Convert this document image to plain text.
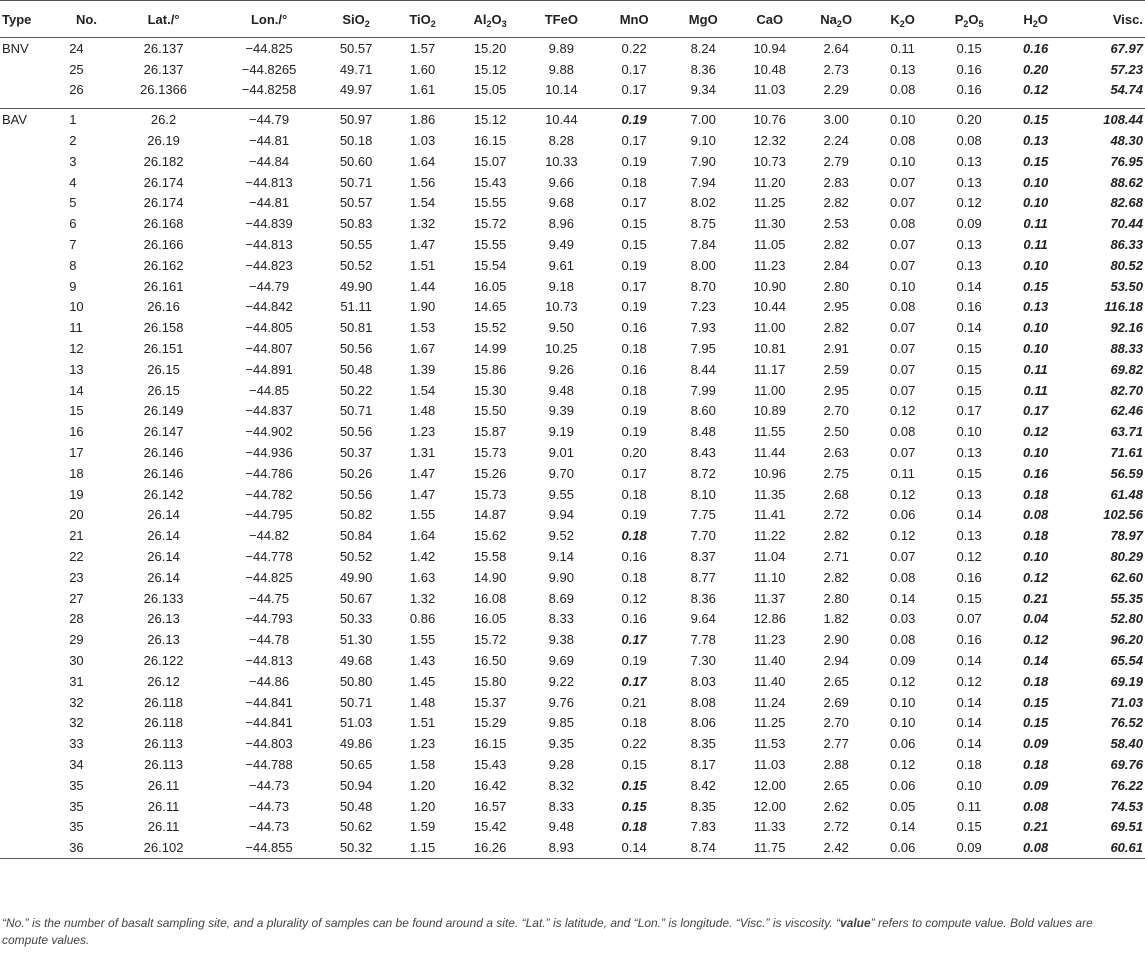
Type	No.	Lat./°	Lon./°	SiO$_2$	TiO$_2$	$Al_2O_3$	TFeO	MnO	MgO	CaO	$Na_2O$	$K_2O$	$P_2O_5$	$H_2O$	Visc.
BNV	24	26.137	−44.825	50.57	1.57	15.20	9.89	0.22	8.24	10.94	2.64	0.11	0.15	0.16	67.97
	25	26.137	−44.8265	49.71	1.60	15.12	9.88	0.17	8.36	10.48	2.73	0.13	0.16	0.20	57.23
	26	26.1366	−44.8258	49.97	1.61	15.05	10.14	0.17	9.34	11.03	2.29	0.08	0.16	0.12	54.74

BAV	1	26.2	−44.79	50.97	1.86	15.12	10.44	0.19	7.00	10.76	3.00	0.10	0.20	0.15	108.44
	2	26.19	−44.81	50.18	1.03	16.15	8.28	0.17	9.10	12.32	2.24	0.08	0.08	0.13	48.30
	3	26.182	−44.84	50.60	1.64	15.07	10.33	0.19	7.90	10.73	2.79	0.10	0.13	0.15	76.95
	4	26.174	−44.813	50.71	1.56	15.43	9.66	0.18	7.94	11.20	2.83	0.07	0.13	0.10	88.62
	5	26.174	−44.81	50.57	1.54	15.55	9.68	0.17	8.02	11.25	2.82	0.07	0.12	0.10	82.68
	6	26.168	−44.839	50.83	1.32	15.72	8.96	0.15	8.75	11.30	2.53	0.08	0.09	0.11	70.44
	7	26.166	−44.813	50.55	1.47	15.55	9.49	0.15	7.84	11.05	2.82	0.07	0.13	0.11	86.33
	8	26.162	−44.823	50.52	1.51	15.54	9.61	0.19	8.00	11.23	2.84	0.07	0.13	0.10	80.52
	9	26.161	−44.79	49.90	1.44	16.05	9.18	0.17	8.70	10.90	2.80	0.10	0.14	0.15	53.50
	10	26.16	−44.842	51.11	1.90	14.65	10.73	0.19	7.23	10.44	2.95	0.08	0.16	0.13	116.18
	11	26.158	−44.805	50.81	1.53	15.52	9.50	0.16	7.93	11.00	2.82	0.07	0.14	0.10	92.16
	12	26.151	−44.807	50.56	1.67	14.99	10.25	0.18	7.95	10.81	2.91	0.07	0.15	0.10	88.33
	13	26.15	−44.891	50.48	1.39	15.86	9.26	0.16	8.44	11.17	2.59	0.07	0.15	0.11	69.82
	14	26.15	−44.85	50.22	1.54	15.30	9.48	0.18	7.99	11.00	2.95	0.07	0.15	0.11	82.70
	15	26.149	−44.837	50.71	1.48	15.50	9.39	0.19	8.60	10.89	2.70	0.12	0.17	0.17	62.46
	16	26.147	−44.902	50.56	1.23	15.87	9.19	0.19	8.48	11.55	2.50	0.08	0.10	0.12	63.71
	17	26.146	−44.936	50.37	1.31	15.73	9.01	0.20	8.43	11.44	2.63	0.07	0.13	0.10	71.61
	18	26.146	−44.786	50.26	1.47	15.26	9.70	0.17	8.72	10.96	2.75	0.11	0.15	0.16	56.59
	19	26.142	−44.782	50.56	1.47	15.73	9.55	0.18	8.10	11.35	2.68	0.12	0.13	0.18	61.48
	20	26.14	−44.795	50.82	1.55	14.87	9.94	0.19	7.75	11.41	2.72	0.06	0.14	0.08	102.56
	21	26.14	−44.82	50.84	1.64	15.62	9.52	0.18	7.70	11.22	2.82	0.12	0.13	0.18	78.97
	22	26.14	−44.778	50.52	1.42	15.58	9.14	0.16	8.37	11.04	2.71	0.07	0.12	0.10	80.29
	23	26.14	−44.825	49.90	1.63	14.90	9.90	0.18	8.77	11.10	2.82	0.08	0.16	0.12	62.60
	27	26.133	−44.75	50.67	1.32	16.08	8.69	0.12	8.36	11.37	2.80	0.14	0.15	0.21	55.35
	28	26.13	−44.793	50.33	0.86	16.05	8.33	0.16	9.64	12.86	1.82	0.03	0.07	0.04	52.80
	29	26.13	−44.78	51.30	1.55	15.72	9.38	0.17	7.78	11.23	2.90	0.08	0.16	0.12	96.20
	30	26.122	−44.813	49.68	1.43	16.50	9.69	0.19	7.30	11.40	2.94	0.09	0.14	0.14	65.54
	31	26.12	−44.86	50.80	1.45	15.80	9.22	0.17	8.03	11.40	2.65	0.12	0.12	0.18	69.19
	32	26.118	−44.841	50.71	1.48	15.37	9.76	0.21	8.08	11.24	2.69	0.10	0.14	0.15	71.03
	32	26.118	−44.841	51.03	1.51	15.29	9.85	0.18	8.06	11.25	2.70	0.10	0.14	0.15	76.52
	33	26.113	−44.803	49.86	1.23	16.15	9.35	0.22	8.35	11.53	2.77	0.06	0.14	0.09	58.40
	34	26.113	−44.788	50.65	1.58	15.43	9.28	0.15	8.17	11.03	2.88	0.12	0.18	0.18	69.76
	35	26.11	−44.73	50.94	1.20	16.42	8.32	0.15	8.42	12.00	2.65	0.06	0.10	0.09	76.22
	35	26.11	−44.73	50.48	1.20	16.57	8.33	0.15	8.35	12.00	2.62	0.05	0.11	0.08	74.53
	35	26.11	−44.73	50.62	1.59	15.42	9.48	0.18	7.83	11.33	2.72	0.14	0.15	0.21	69.51
	36	26.102	−44.855	50.32	1.15	16.26	8.93	0.14	8.74	11.75	2.42	0.06	0.09	0.08	60.61
“No.” is the number of basalt sampling site, and a plurality of samples can be found around a site. “Lat.” is latitude, and “Lon.” is longitude. “Visc.” is viscosity. “value” refers to compute value. Bold values are compute values.
